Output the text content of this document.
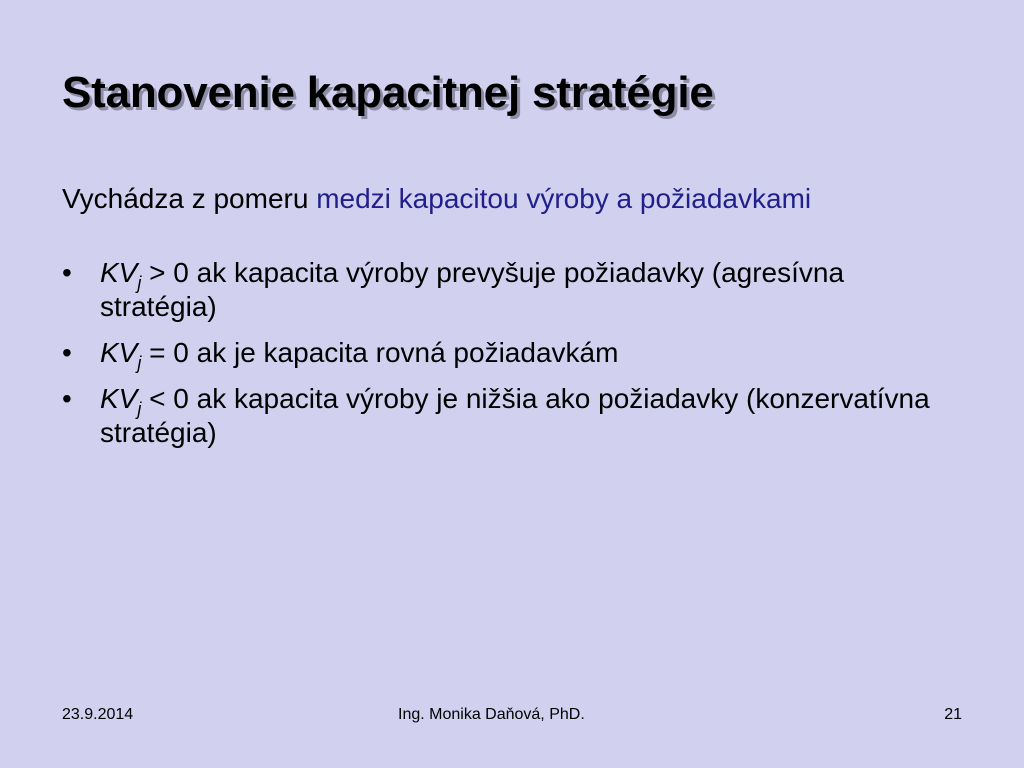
Stanovenie kapacitnej stratégie

Vychádza z pomeru medzi kapacitou výroby a požiadavkami

• $KV_j > 0$ ak kapacita výroby prevyšuje požiadavky (agresívna stratégia)
• $KV_j = 0$ ak je kapacita rovná požiadavkám
• $KV_j < 0$ ak kapacita výroby je nižšia ako požiadavky (konzervatívna stratégia)
23.9.2014	Ing. Monika Daňová, PhD.	21
